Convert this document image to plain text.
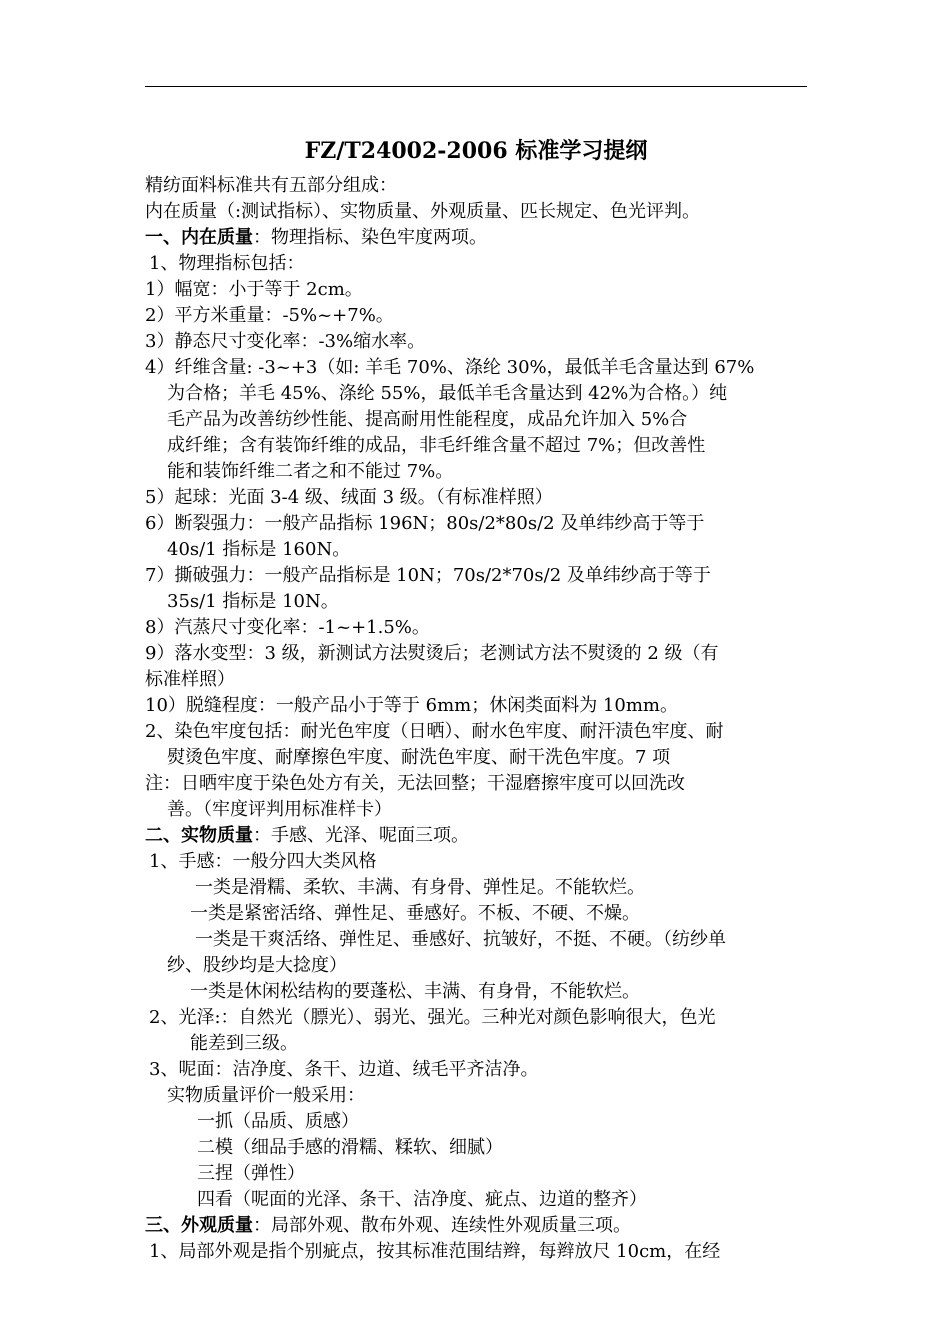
FZ/T24002-2006 标准学习提纲
精纺面料标准共有五部分组成：
内在质量（:测试指标）、实物质量、外观质量、匹长规定、色光评判。
一、内在质量：物理指标、染色牢度两项。
1、物理指标包括：
1）幅宽：小于等于 2cm。
2）平方米重量：-5%~+7%。
3）静态尺寸变化率：-3%缩水率。
4）纤维含量: -3~+3（如: 羊毛 70%、涤纶 30%，最低羊毛含量达到 67%
为合格；羊毛 45%、涤纶 55%，最低羊毛含量达到 42%为合格。）纯
毛产品为改善纺纱性能、提高耐用性能程度，成品允许加入 5%合
成纤维；含有装饰纤维的成品，非毛纤维含量不超过 7%；但改善性
能和装饰纤维二者之和不能过 7%。
5）起球：光面 3-4 级、绒面 3 级。（有标准样照）
6）断裂强力：一般产品指标 196N；80s/2*80s/2 及单纬纱高于等于
40s/1 指标是 160N。
7）撕破强力：一般产品指标是 10N；70s/2*70s/2 及单纬纱高于等于
35s/1 指标是 10N。
8）汽蒸尺寸变化率：-1~+1.5%。
9）落水变型：3 级，新测试方法熨烫后；老测试方法不熨烫的 2 级（有
标准样照）
10）脱缝程度：一般产品小于等于 6mm；休闲类面料为 10mm。
2、染色牢度包括：耐光色牢度（日晒）、耐水色牢度、耐汗渍色牢度、耐
熨烫色牢度、耐摩擦色牢度、耐洗色牢度、耐干洗色牢度。7 项
注：日晒牢度于染色处方有关，无法回整；干湿磨擦牢度可以回洗改
善。（牢度评判用标准样卡）
二、实物质量：手感、光泽、呢面三项。
1、手感：一般分四大类风格
一类是滑糯、柔软、丰满、有身骨、弹性足。不能软烂。
一类是紧密活络、弹性足、垂感好。不板、不硬、不燥。
一类是干爽活络、弹性足、垂感好、抗皱好，不挺、不硬。（纺纱单
纱、股纱均是大捻度）
一类是休闲松结构的要蓬松、丰满、有身骨，不能软烂。
2、光泽:：自然光（膘光）、弱光、强光。三种光对颜色影响很大，色光
能差到三级。
3、呢面：洁净度、条干、边道、绒毛平齐洁净。
实物质量评价一般采用：
一抓（品质、质感）
二模（细品手感的滑糯、糅软、细腻）
三捏（弹性）
四看（呢面的光泽、条干、洁净度、疵点、边道的整齐）
三、外观质量：局部外观、散布外观、连续性外观质量三项。
1、局部外观是指个别疵点，按其标准范围结辫，每辫放尺 10cm，在经
